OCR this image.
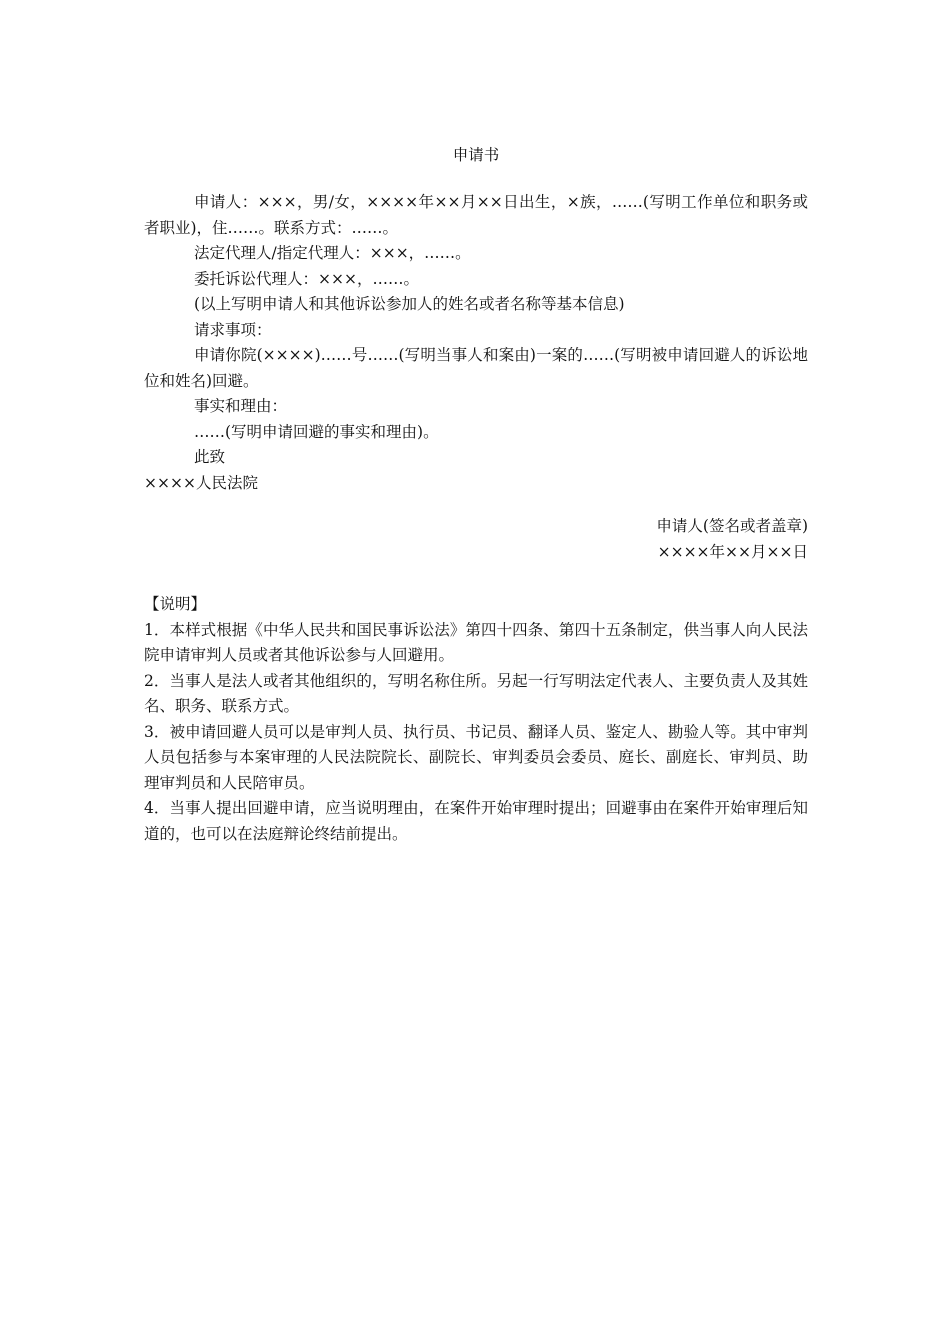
申请书

申请人：×××，男/女，××××年××月××日出生，×族，……(写明工作单位和职务或者职业)，住……。联系方式：……。

法定代理人/指定代理人：×××，……。

委托诉讼代理人：×××，……。

(以上写明申请人和其他诉讼参加人的姓名或者名称等基本信息)

请求事项：

申请你院(××××)……号……(写明当事人和案由)一案的……(写明被申请回避人的诉讼地位和姓名)回避。

事实和理由：

……(写明申请回避的事实和理由)。

此致

××××人民法院

申请人(签名或者盖章)
××××年××月××日

【说明】

1．本样式根据《中华人民共和国民事诉讼法》第四十四条、第四十五条制定，供当事人向人民法院申请审判人员或者其他诉讼参与人回避用。

2．当事人是法人或者其他组织的，写明名称住所。另起一行写明法定代表人、主要负责人及其姓名、职务、联系方式。

3．被申请回避人员可以是审判人员、执行员、书记员、翻译人员、鉴定人、勘验人等。其中审判人员包括参与本案审理的人民法院院长、副院长、审判委员会委员、庭长、副庭长、审判员、助理审判员和人民陪审员。

4．当事人提出回避申请，应当说明理由，在案件开始审理时提出；回避事由在案件开始审理后知道的，也可以在法庭辩论终结前提出。
